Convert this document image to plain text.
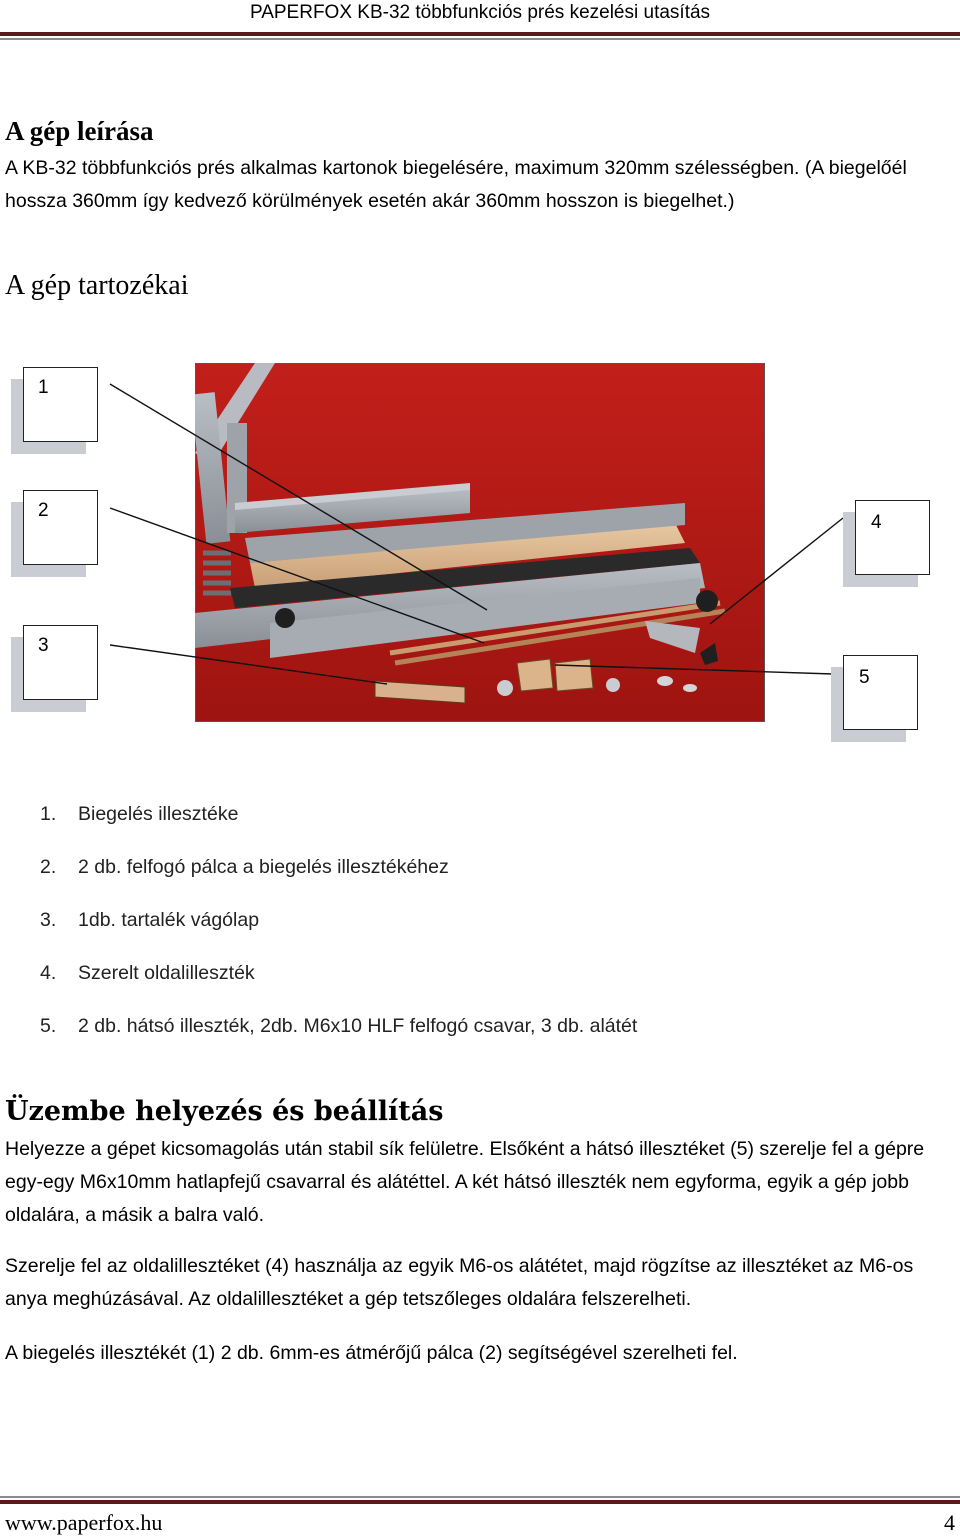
PAPERFOX KB-32 többfunkciós prés kezelési utasítás
A gép leírása

A KB-32 többfunkciós prés alkalmas kartonok biegelésére, maximum 320mm szélességben. (A biegelőél hossza 360mm így kedvező körülmények esetén akár 360mm hosszon is biegelhet.)

A gép tartozékai
1
2
3
4
5
1. Biegelés illesztéke
2. 2 db. felfogó pálca a biegelés illesztékéhez
3. 1db. tartalék vágólap
4. Szerelt oldalilleszték
5. 2 db. hátsó illeszték, 2db. M6x10 HLF felfogó csavar, 3 db. alátét
Üzembe helyezés és beállítás

Helyezze a gépet kicsomagolás után stabil sík felületre. Elsőként a hátsó illesztéket (5) szerelje fel a gépre egy-egy M6x10mm hatlapfejű csavarral és alátéttel. A két hátsó illeszték nem egyforma, egyik a gép jobb oldalára, a másik a balra való.

Szerelje fel az oldalillesztéket (4) használja az egyik M6-os alátétet, majd rögzítse az illesztéket az M6-os anya meghúzásával. Az oldalillesztéket a gép tetszőleges oldalára felszerelheti.

A biegelés illesztékét (1) 2 db. 6mm-es átmérőjű pálca (2) segítségével szerelheti fel.

www.paperfox.hu	4
